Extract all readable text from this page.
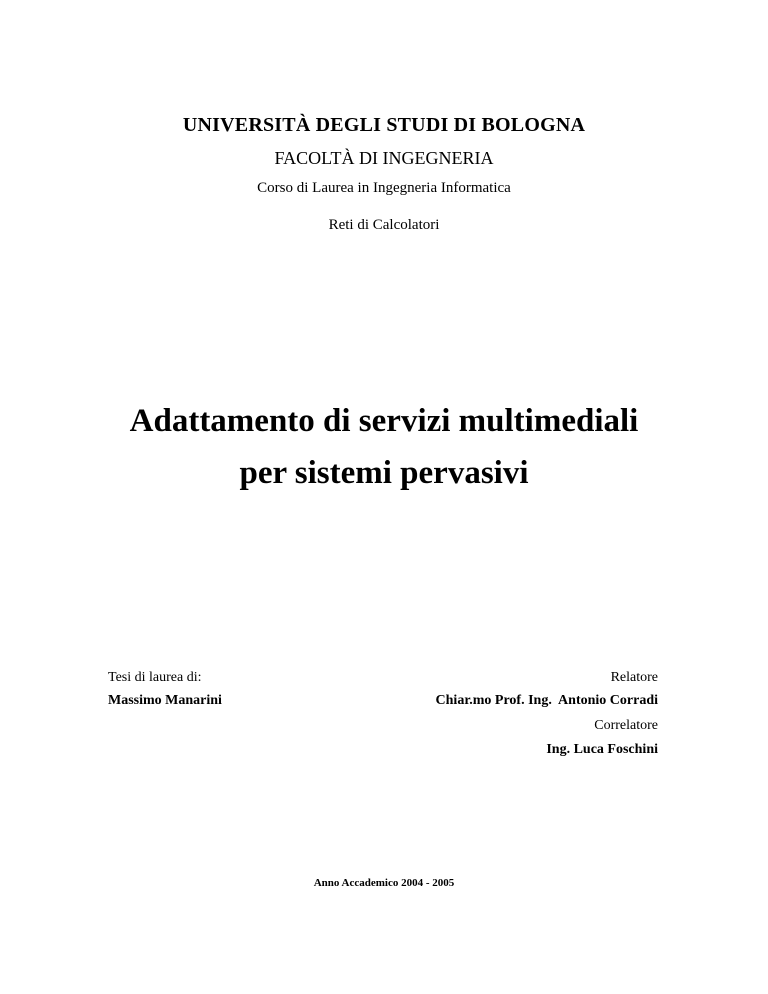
UNIVERSITÀ DEGLI STUDI DI BOLOGNA
FACOLTÀ DI INGEGNERIA
Corso di Laurea in Ingegneria Informatica
Reti di Calcolatori
Adattamento di servizi multimediali
per sistemi pervasivi
Tesi di laurea di:
Massimo Manarini
Relatore
Chiar.mo Prof. Ing.  Antonio Corradi
Correlatore
Ing. Luca Foschini
Anno Accademico 2004 - 2005
